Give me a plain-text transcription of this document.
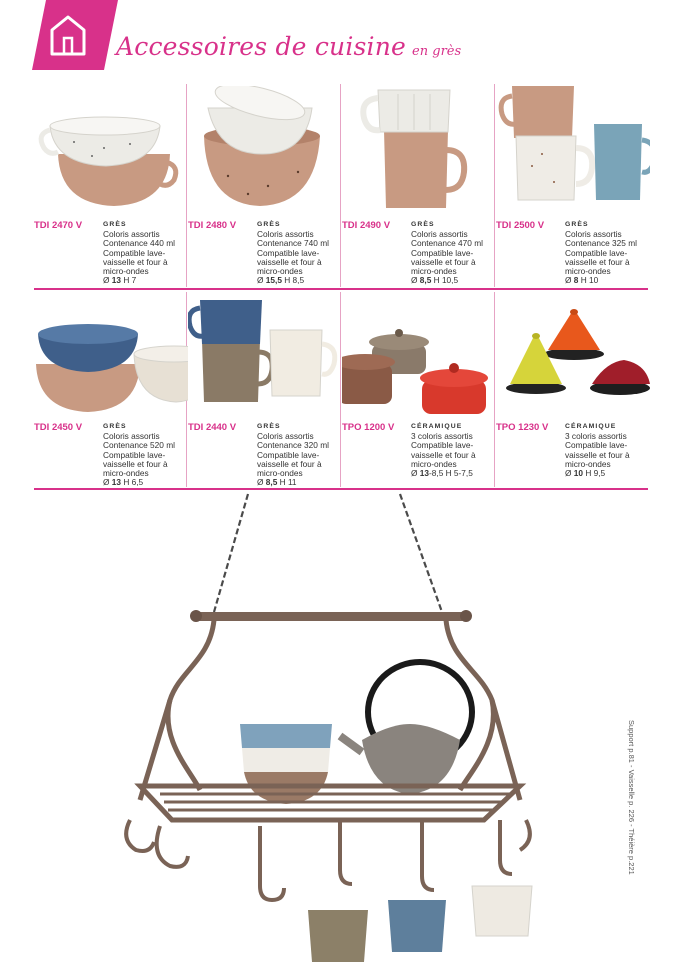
Accessoires de cuisine en grès
TDI 2470 V	GRÈS
Coloris assortis
Contenance 440 ml
Compatible lave-vaisselle et four à micro-ondes
Ø 13 H 7
TDI 2480 V	GRÈS
Coloris assortis
Contenance 740 ml
Compatible lave-vaisselle et four à micro-ondes
Ø 15,5 H 8,5
TDI 2490 V	GRÈS
Coloris assortis
Contenance 470 ml
Compatible lave-vaisselle et four à micro-ondes
Ø 8,5 H 10,5
TDI 2500 V	GRÈS
Coloris assortis
Contenance 325 ml
Compatible lave-vaisselle et four à micro-ondes
Ø 8 H 10
TDI 2450 V	GRÈS
Coloris assortis
Contenance 520 ml
Compatible lave-vaisselle et four à micro-ondes
Ø 13 H 6,5
TDI 2440 V	GRÈS
Coloris assortis
Contenance 320 ml
Compatible lave-vaisselle et four à micro-ondes
Ø 8,5 H 11
TPO 1200 V CÉRAMIQUE
3 coloris assortis
Compatible lave-vaisselle et four à micro-ondes
Ø 13-8,5 H 5-7,5
TPO 1230 V CÉRAMIQUE
3 coloris assortis
Compatible lave-vaisselle et four à micro-ondes
Ø 10 H 9,5
Support p.81 - Vaisselle p. 226 - Théière p.221
